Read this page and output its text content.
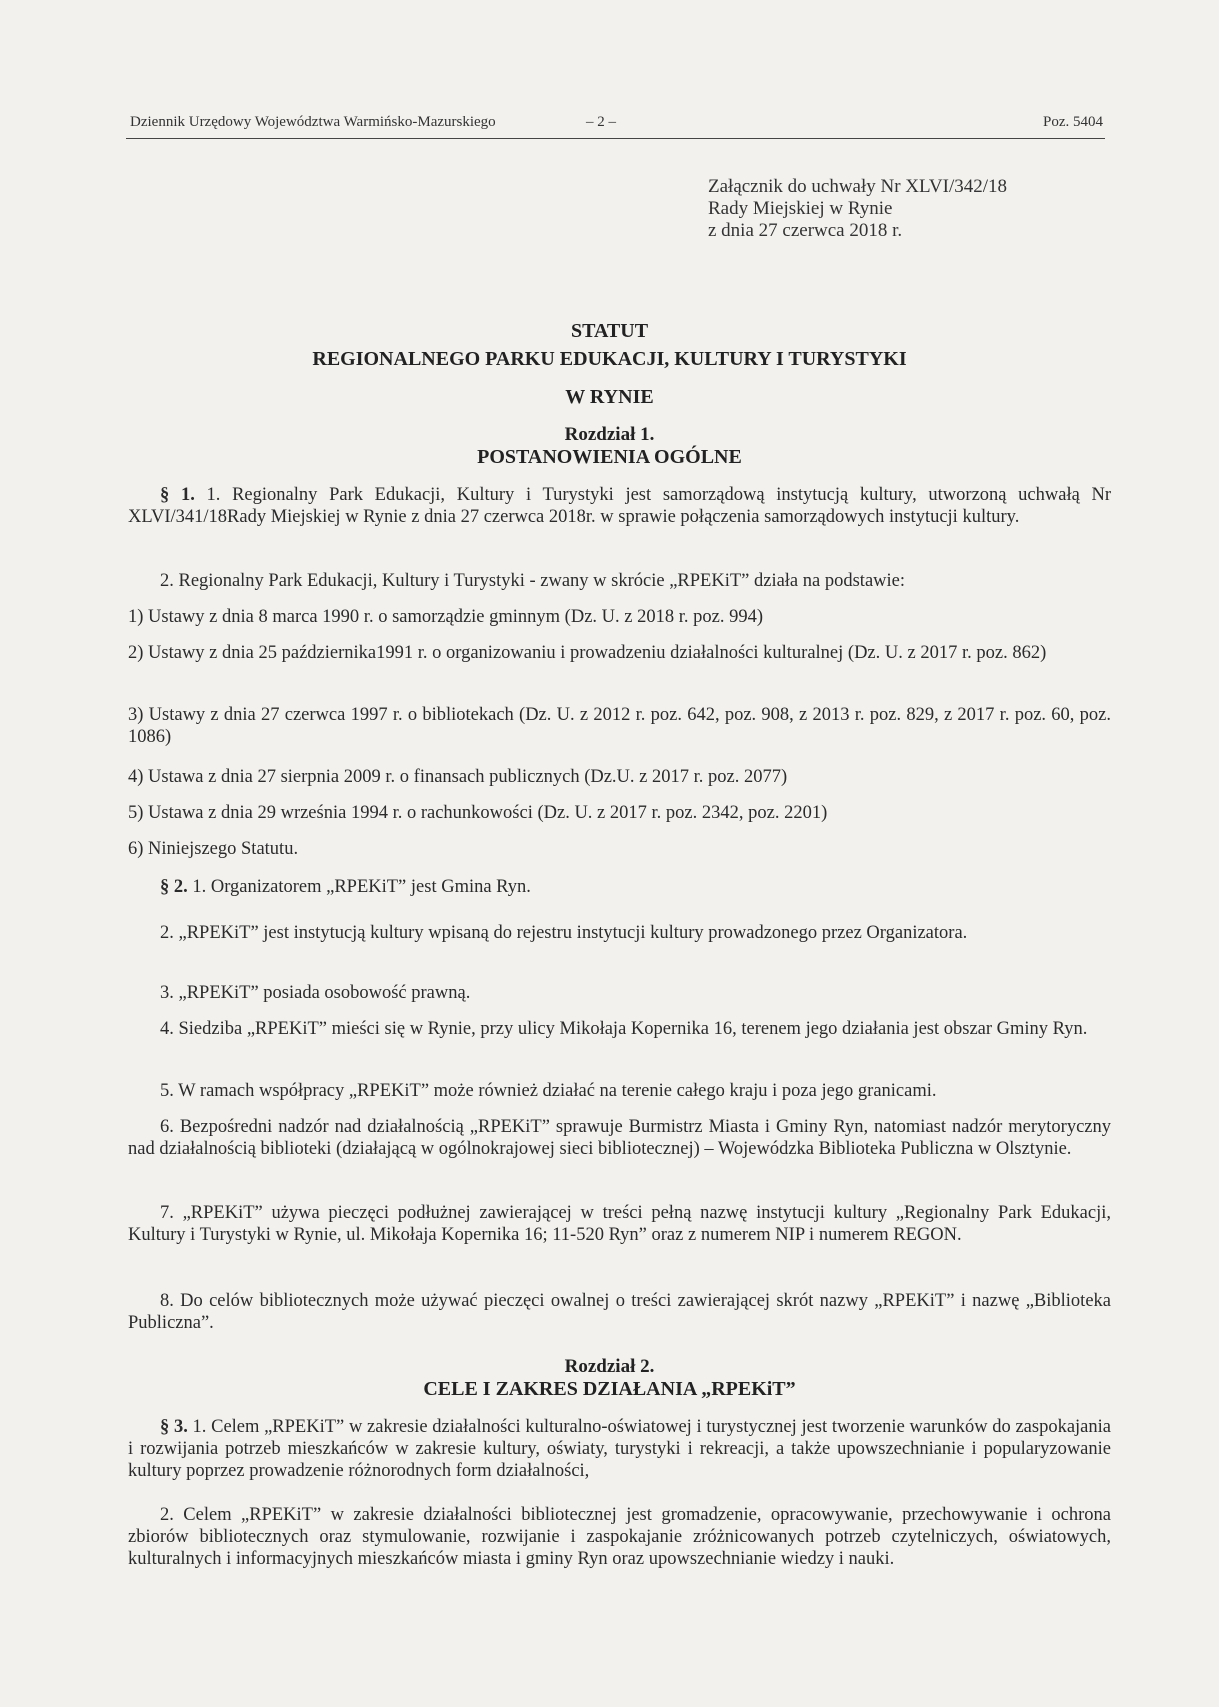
Dziennik Urzędowy Województwa Warmińsko-Mazurskiego	– 2 –	Poz. 5404
Załącznik do uchwały Nr XLVI/342/18
Rady Miejskiej w Rynie
z dnia 27 czerwca 2018 r.
STATUT
REGIONALNEGO PARKU EDUKACJI, KULTURY I TURYSTYKI
W RYNIE
Rozdział 1.
POSTANOWIENIA OGÓLNE
§ 1. 1. Regionalny Park Edukacji, Kultury i Turystyki jest samorządową instytucją kultury, utworzoną uchwałą Nr XLVI/341/18Rady Miejskiej w Rynie z dnia 27 czerwca 2018r. w sprawie połączenia samorządowych instytucji kultury.
2. Regionalny Park Edukacji, Kultury i Turystyki - zwany w skrócie „RPEKiT” działa na podstawie:
1) Ustawy z dnia 8 marca 1990 r. o samorządzie gminnym (Dz. U. z 2018 r. poz. 994)
2) Ustawy z dnia 25 października1991 r. o organizowaniu i prowadzeniu działalności kulturalnej (Dz. U. z 2017 r. poz. 862)
3) Ustawy z dnia 27 czerwca 1997 r. o bibliotekach (Dz. U. z 2012 r. poz. 642, poz. 908, z 2013 r. poz. 829, z 2017 r. poz. 60, poz. 1086)
4) Ustawa z dnia 27 sierpnia 2009 r. o finansach publicznych (Dz.U. z 2017 r. poz. 2077)
5) Ustawa z dnia 29 września 1994 r. o rachunkowości (Dz. U. z 2017 r. poz. 2342, poz. 2201)
6) Niniejszego Statutu.
§ 2. 1. Organizatorem „RPEKiT” jest Gmina Ryn.
2. „RPEKiT” jest instytucją kultury wpisaną do rejestru instytucji kultury prowadzonego przez Organizatora.
3. „RPEKiT” posiada osobowość prawną.
4. Siedziba „RPEKiT” mieści się w Rynie, przy ulicy Mikołaja Kopernika 16, terenem jego działania jest obszar Gminy Ryn.
5. W ramach współpracy „RPEKiT” może również działać na terenie całego kraju i poza jego granicami.
6. Bezpośredni nadzór nad działalnością „RPEKiT” sprawuje Burmistrz Miasta i Gminy Ryn, natomiast nadzór merytoryczny nad działalnością biblioteki (działającą w ogólnokrajowej sieci bibliotecznej) – Wojewódzka Biblioteka Publiczna w Olsztynie.
7. „RPEKiT” używa pieczęci podłużnej zawierającej w treści pełną nazwę instytucji kultury „Regionalny Park Edukacji, Kultury i Turystyki w Rynie, ul. Mikołaja Kopernika 16; 11-520 Ryn” oraz z numerem NIP i numerem REGON.
8. Do celów bibliotecznych może używać pieczęci owalnej o treści zawierającej skrót nazwy „RPEKiT” i nazwę „Biblioteka Publiczna”.
Rozdział 2.
CELE I ZAKRES DZIAŁANIA „RPEKiT”
§ 3. 1. Celem „RPEKiT” w zakresie działalności kulturalno-oświatowej i turystycznej jest tworzenie warunków do zaspokajania i rozwijania potrzeb mieszkańców w zakresie kultury, oświaty, turystyki i rekreacji, a także upowszechnianie i popularyzowanie kultury poprzez prowadzenie różnorodnych form działalności,
2. Celem „RPEKiT” w zakresie działalności bibliotecznej jest gromadzenie, opracowywanie, przechowywanie i ochrona zbiorów bibliotecznych oraz stymulowanie, rozwijanie i zaspokajanie zróżnicowanych potrzeb czytelniczych, oświatowych, kulturalnych i informacyjnych mieszkańców miasta i gminy Ryn oraz upowszechnianie wiedzy i nauki.
